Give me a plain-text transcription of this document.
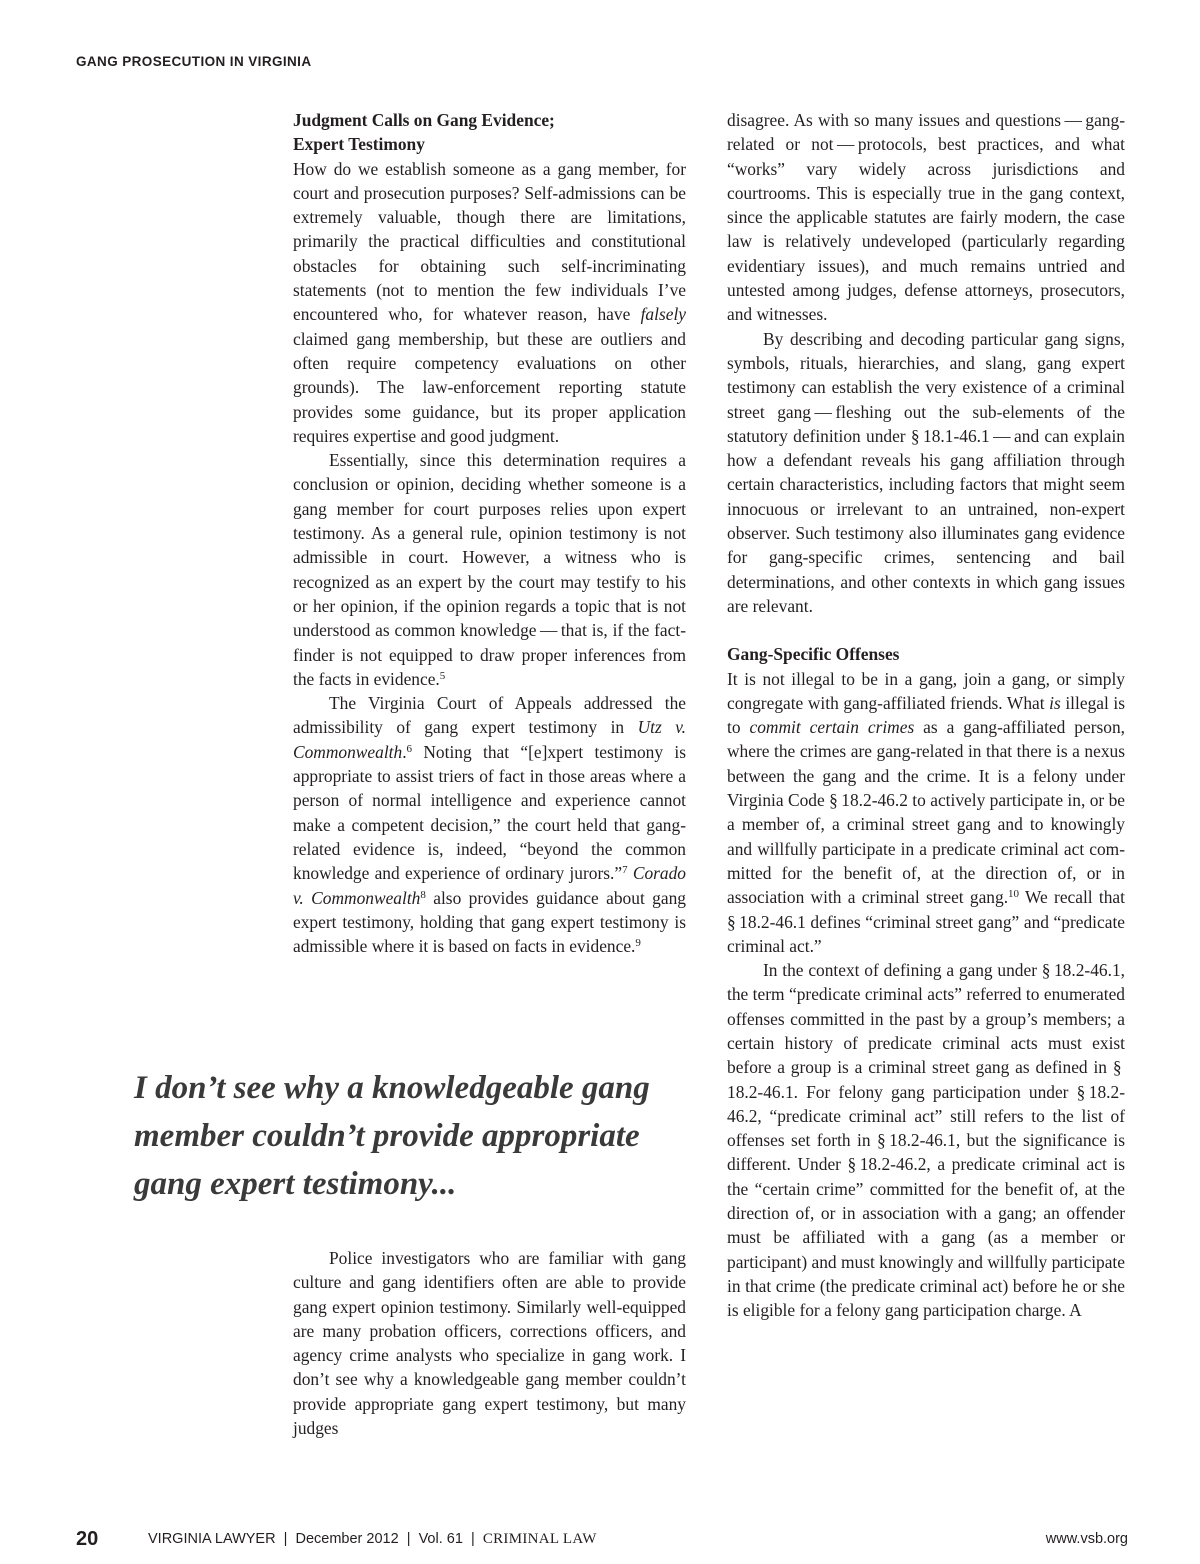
GANG PROSECUTION IN VIRGINIA
Judgment Calls on Gang Evidence;
Expert Testimony

How do we establish someone as a gang member, for court and prosecution purposes? Self-admissions can be extremely valuable, though there are limitations, primarily the practical difficulties and constitutional obstacles for obtaining such self-incriminating statements (not to mention the few individuals I’ve encountered who, for whatever reason, have falsely claimed gang membership, but these are outliers and often require competency evaluations on other grounds). The law-enforcement reporting statute provides some guidance, but its proper application requires expertise and good judgment.

Essentially, since this determination requires a conclusion or opinion, deciding whether someone is a gang member for court purposes relies upon expert testimony. As a general rule, opinion testimony is not admissible in court. However, a witness who is recognized as an expert by the court may testify to his or her opinion, if the opinion regards a topic that is not understood as common knowledge — that is, if the fact-finder is not equipped to draw proper inferences from the facts in evidence.$^5$

The Virginia Court of Appeals addressed the admissibility of gang expert testimony in Utz v. Commonwealth.$^6$ Noting that “[e]xpert testimony is appropriate to assist triers of fact in those areas where a person of normal intelligence and experience cannot make a competent decision,” the court held that gang-related evidence is, indeed, “beyond the common knowledge and experience of ordinary jurors.”$^7$ Corado v. Commonwealth$^8$ also provides guidance about gang expert testimony, holding that gang expert testimony is admissible where it is based on facts in evidence.$^9$

I don’t see why a knowledgeable gang member couldn’t provide appropriate gang expert testimony...

Police investigators who are familiar with gang culture and gang identifiers often are able to provide gang expert opinion testimony. Similarly well-equipped are many probation officers, corrections officers, and agency crime analysts who specialize in gang work. I don’t see why a knowledgeable gang member couldn’t provide appropriate gang expert testimony, but many judges

disagree. As with so many issues and questions — gang-related or not — protocols, best practices, and what “works” vary widely across jurisdictions and courtrooms. This is especially true in the gang context, since the applicable statutes are fairly modern, the case law is relatively undeveloped (particularly regarding evidentiary issues), and much remains untried and untested among judges, defense attorneys, prosecutors, and witnesses.

By describing and decoding particular gang signs, symbols, rituals, hierarchies, and slang, gang expert testimony can establish the very existence of a criminal street gang — fleshing out the sub-elements of the statutory definition under § 18.1-46.1 — and can explain how a defendant reveals his gang affiliation through certain characteristics, including factors that might seem innocuous or irrelevant to an untrained, non-expert observer. Such testimony also illuminates gang evidence for gang-specific crimes, sentencing and bail determinations, and other contexts in which gang issues are relevant.

Gang-Specific Offenses

It is not illegal to be in a gang, join a gang, or simply congregate with gang-affiliated friends. What is illegal is to commit certain crimes as a gang-affiliated person, where the crimes are gang-related in that there is a nexus between the gang and the crime. It is a felony under Virginia Code § 18.2-46.2 to actively participate in, or be a member of, a criminal street gang and to knowingly and willfully participate in a predicate criminal act committed for the benefit of, at the direction of, or in association with a criminal street gang.$^{10}$ We recall that § 18.2-46.1 defines “criminal street gang” and “predicate criminal act.”

In the context of defining a gang under § 18.2-46.1, the term “predicate criminal acts” referred to enumerated offenses committed in the past by a group’s members; a certain history of predicate criminal acts must exist before a group is a criminal street gang as defined in § 18.2-46.1. For felony gang participation under § 18.2-46.2, “predicate criminal act” still refers to the list of offenses set forth in § 18.2-46.1, but the significance is different. Under § 18.2-46.2, a predicate criminal act is the “certain crime” committed for the benefit of, at the direction of, or in association with a gang; an offender must be affiliated with a gang (as a member or participant) and must knowingly and willfully participate in that crime (the predicate criminal act) before he or she is eligible for a felony gang participation charge. A

20	VIRGINIA LAWYER | December 2012 | Vol. 61 | CRIMINAL LAW	www.vsb.org
